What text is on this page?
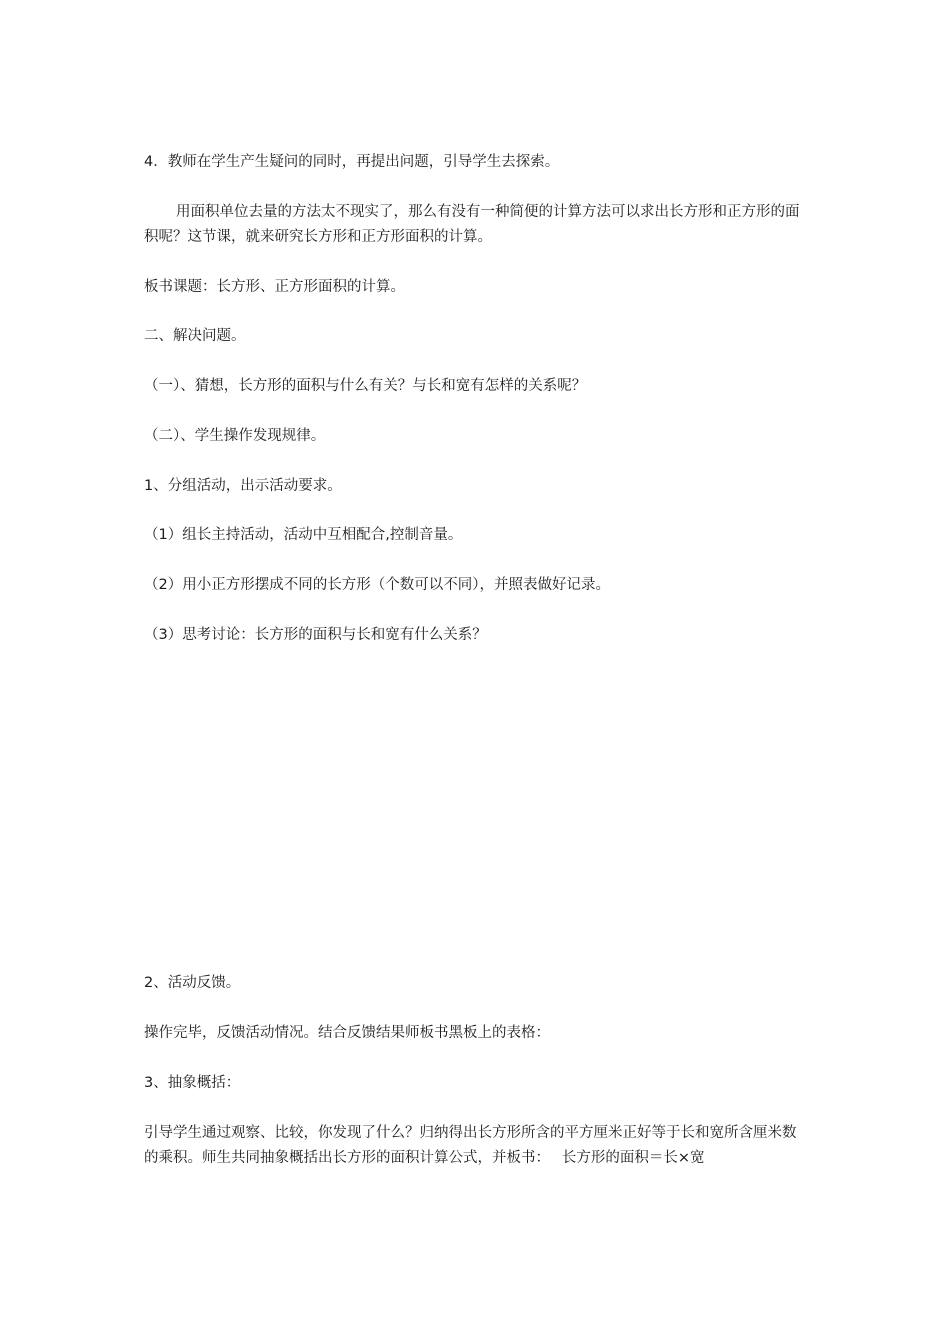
4．教师在学生产生疑问的同时，再提出问题，引导学生去探索。

用面积单位去量的方法太不现实了，那么有没有一种简便的计算方法可以求出长方形和正方形的面积呢？这节课，就来研究长方形和正方形面积的计算。

板书课题：长方形、正方形面积的计算。

二、解决问题。

（一）、猜想，长方形的面积与什么有关？与长和宽有怎样的关系呢？

（二）、学生操作发现规律。

1、分组活动，出示活动要求。

（1）组长主持活动，活动中互相配合,控制音量。

（2）用小正方形摆成不同的长方形（个数可以不同），并照表做好记录。

（3）思考讨论：长方形的面积与长和宽有什么关系？

2、活动反馈。

操作完毕，反馈活动情况。结合反馈结果师板书黑板上的表格：

3、抽象概括：

引导学生通过观察、比较，你发现了什么？归纳得出长方形所含的平方厘米正好等于长和宽所含厘米数的乘积。师生共同抽象概括出长方形的面积计算公式，并板书：　 长方形的面积＝长×宽
